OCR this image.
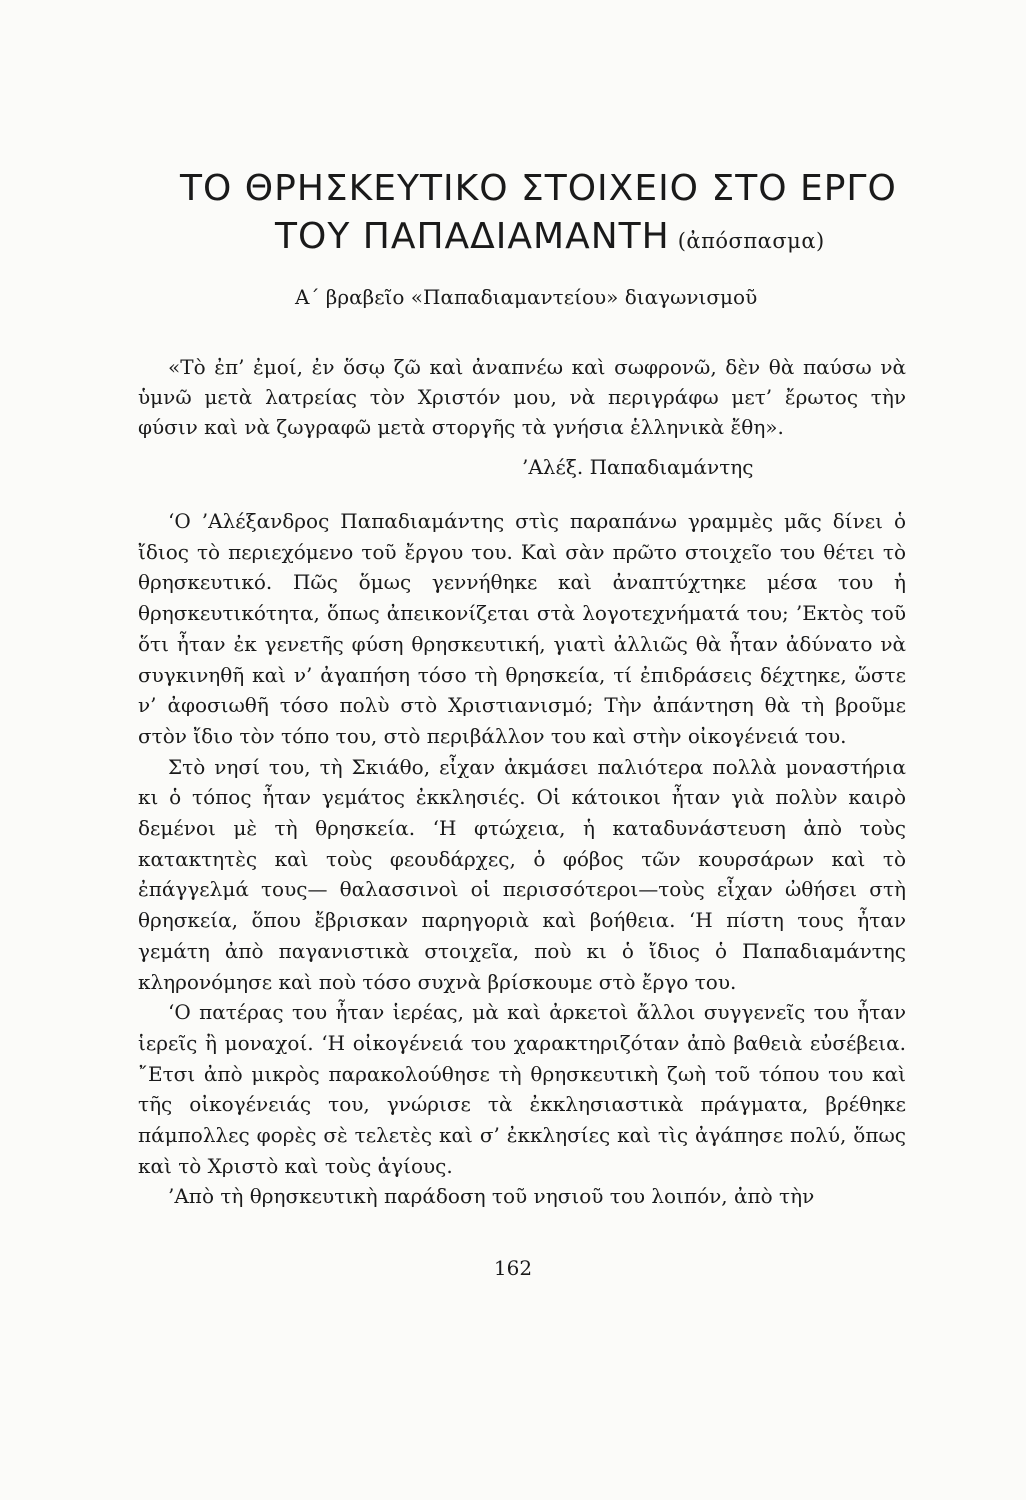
ΤΟ ΘΡΗΣΚΕΥΤΙΚΟ ΣΤΟΙΧΕΙΟ ΣΤΟ ΕΡΓΟ
ΤΟΥ ΠΑΠΑΔΙΑΜΑΝΤΗ (ἀπόσπασμα)
Α΄ βραβεῖο «Παπαδιαμαντείου» διαγωνισμοῦ
«Τὸ ἐπ’ ἐμοί, ἐν ὅσῳ ζῶ καὶ ἀναπνέω καὶ σωφρονῶ, δὲν θὰ παύσω νὰ ὑμνῶ μετὰ λατρείας τὸν Χριστόν μου, νὰ περιγράφω μετ’ ἔρωτος τὴν φύσιν καὶ νὰ ζωγραφῶ μετὰ στοργῆς τὰ γνήσια ἑλληνικὰ ἔθη».
’Αλέξ. Παπαδιαμάντης

‘Ο ’Αλέξανδρος Παπαδιαμάντης στὶς παραπάνω γραμμὲς μᾶς δίνει ὁ ἴδιος τὸ περιεχόμενο τοῦ ἔργου του. Καὶ σὰν πρῶτο στοιχεῖο του θέτει τὸ θρησκευτικό. Πῶς ὅμως γεννήθηκε καὶ ἀναπτύχτηκε μέσα του ἡ θρησκευτικότητα, ὅπως ἀπεικονίζεται στὰ λογοτεχνήματά του; ’Εκτὸς τοῦ ὅτι ἦταν ἐκ γενετῆς φύση θρησκευτική, γιατὶ ἀλλιῶς θὰ ἦταν ἀδύνατο νὰ συγκινηθῆ καὶ ν’ ἀγαπήση τόσο τὴ θρησκεία, τί ἐπιδράσεις δέχτηκε, ὥστε ν’ ἀφοσιωθῆ τόσο πολὺ στὸ Χριστιανισμό; Τὴν ἀπάντηση θὰ τὴ βροῦμε στὸν ἴδιο τὸν τόπο του, στὸ περιβάλλον του καὶ στὴν οἰκογένειά του.

Στὸ νησί του, τὴ Σκιάθο, εἶχαν ἀκμάσει παλιότερα πολλὰ μοναστήρια κι ὁ τόπος ἦταν γεμάτος ἐκκλησιές. Οἱ κάτοικοι ἦταν γιὰ πολὺν καιρὸ δεμένοι μὲ τὴ θρησκεία. ‘Η φτώχεια, ἡ καταδυνάστευση ἀπὸ τοὺς κατακτητὲς καὶ τοὺς φεουδάρχες, ὁ φόβος τῶν κουρσάρων καὶ τὸ ἐπάγγελμά τους— θαλασσινοὶ οἱ περισσότεροι—τοὺς εἶχαν ὠθήσει στὴ θρησκεία, ὅπου ἔβρισκαν παρηγοριὰ καὶ βοήθεια. ‘Η πίστη τους ἦταν γεμάτη ἀπὸ παγανιστικὰ στοιχεῖα, ποὺ κι ὁ ἴδιος ὁ Παπαδιαμάντης κληρονόμησε καὶ ποὺ τόσο συχνὰ βρίσκουμε στὸ ἔργο του.

‘Ο πατέρας του ἦταν ἱερέας, μὰ καὶ ἀρκετοὶ ἄλλοι συγγενεῖς του ἦταν ἱερεῖς ἢ μοναχοί. ‘Η οἰκογένειά του χαρακτηριζόταν ἀπὸ βαθειὰ εὐσέβεια. ῎Ετσι ἀπὸ μικρὸς παρακολούθησε τὴ θρησκευτικὴ ζωὴ τοῦ τόπου του καὶ τῆς οἰκογένειάς του, γνώρισε τὰ ἐκκλησιαστικὰ πράγματα, βρέθηκε πάμπολλες φορὲς σὲ τελετὲς καὶ σ’ ἐκκλησίες καὶ τὶς ἀγάπησε πολύ, ὅπως καὶ τὸ Χριστὸ καὶ τοὺς ἁγίους.

’Απὸ τὴ θρησκευτικὴ παράδοση τοῦ νησιοῦ του λοιπόν, ἀπὸ τὴν

162
